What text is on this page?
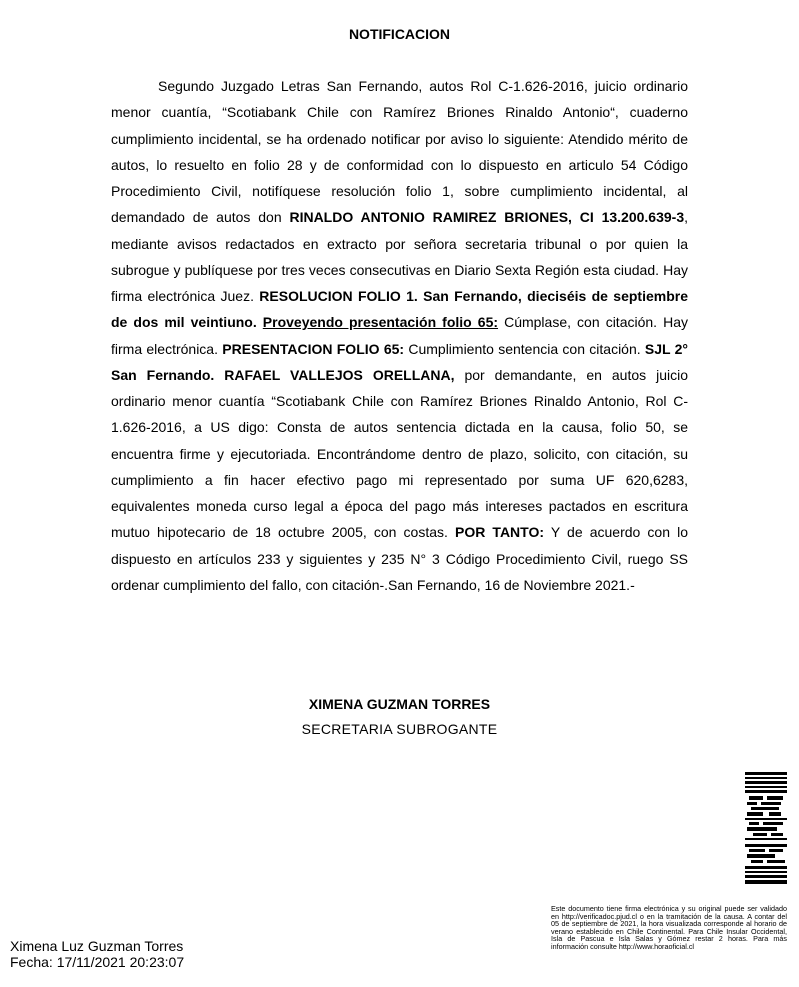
NOTIFICACION

Segundo Juzgado Letras San Fernando, autos Rol C-1.626-2016, juicio ordinario menor cuantía, “Scotiabank Chile con Ramírez Briones Rinaldo Antonio“, cuaderno cumplimiento incidental, se ha ordenado notificar por aviso lo siguiente: Atendido mérito de autos, lo resuelto en folio 28 y de conformidad con lo dispuesto en articulo 54 Código Procedimiento Civil, notifíquese resolución folio 1, sobre cumplimiento incidental, al demandado de autos don RINALDO ANTONIO RAMIREZ BRIONES, CI 13.200.639-3, mediante avisos redactados en extracto por señora secretaria tribunal o por quien la subrogue y publíquese por tres veces consecutivas en Diario Sexta Región esta ciudad. Hay firma electrónica Juez. RESOLUCION FOLIO 1. San Fernando, dieciséis de septiembre de dos mil veintiuno. Proveyendo presentación folio 65: Cúmplase, con citación. Hay firma electrónica. PRESENTACION FOLIO 65: Cumplimiento sentencia con citación. SJL 2° San Fernando. RAFAEL VALLEJOS ORELLANA, por demandante, en autos juicio ordinario menor cuantía “Scotiabank Chile con Ramírez Briones Rinaldo Antonio, Rol C-1.626-2016, a US digo: Consta de autos sentencia dictada en la causa, folio 50, se encuentra firme y ejecutoriada. Encontrándome dentro de plazo, solicito, con citación, su cumplimiento a fin hacer efectivo pago mi representado por suma UF 620,6283, equivalentes moneda curso legal a época del pago más intereses pactados en escritura mutuo hipotecario de 18 octubre 2005, con costas. POR TANTO: Y de acuerdo con lo dispuesto en artículos 233 y siguientes y 235 N° 3 Código Procedimiento Civil, ruego SS ordenar cumplimiento del fallo, con citación-.San Fernando, 16 de Noviembre 2021.-

XIMENA GUZMAN TORRES
SECRETARIA SUBROGANTE
Este documento tiene firma electrónica y su original puede ser validado en http://verificadoc.pjud.cl o en la tramitación de la causa. A contar del 05 de septiembre de 2021, la hora visualizada corresponde al horario de verano establecido en Chile Continental. Para Chile Insular Occidental, Isla de Pascua e Isla Salas y Gómez restar 2 horas. Para más información consulte http://www.horaoficial.cl
Ximena Luz Guzman Torres
Fecha: 17/11/2021 20:23:07
